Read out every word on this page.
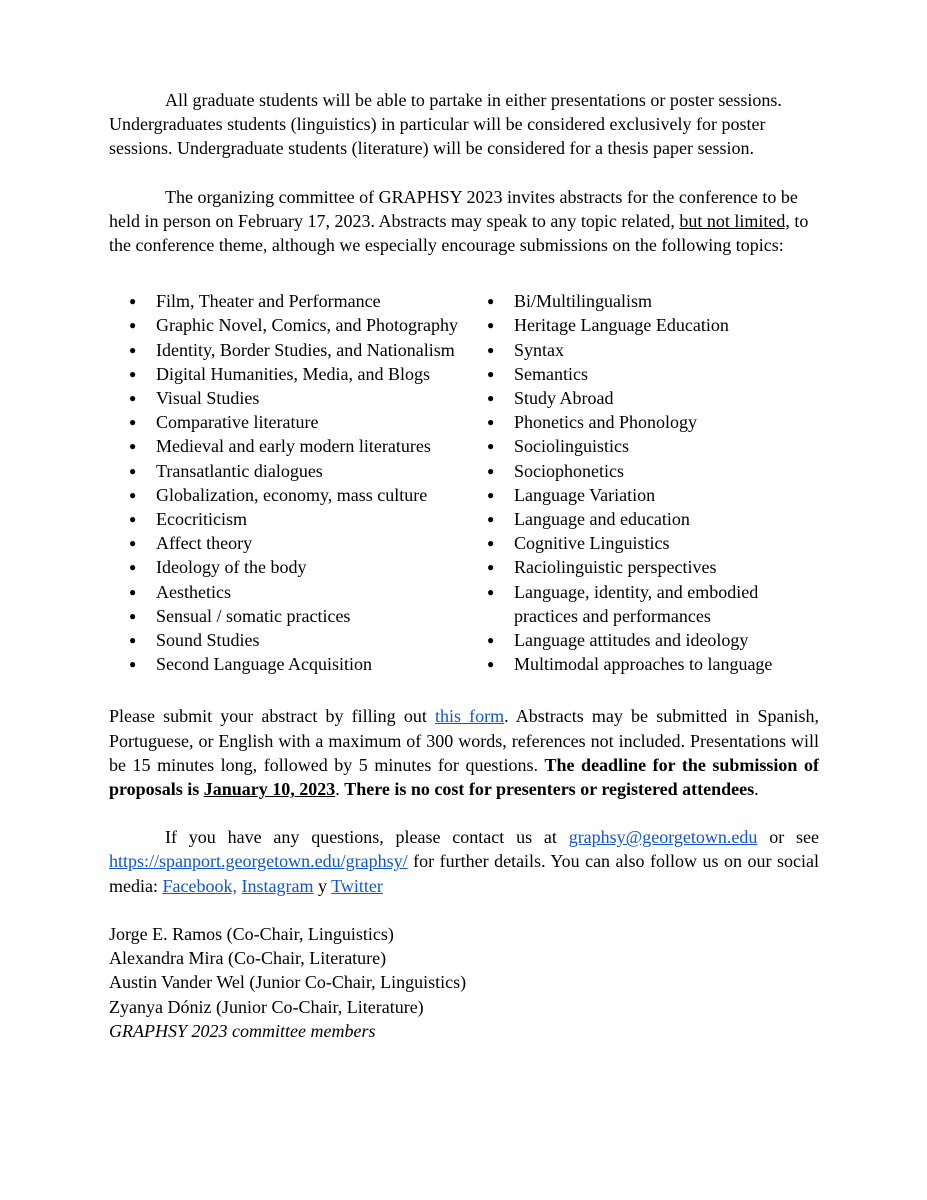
All graduate students will be able to partake in either presentations or poster sessions. Undergraduates students (linguistics) in particular will be considered exclusively for poster sessions. Undergraduate students (literature) will be considered for a thesis paper session.

The organizing committee of GRAPHSY 2023 invites abstracts for the conference to be held in person on February 17, 2023. Abstracts may speak to any topic related, but not limited, to the conference theme, although we especially encourage submissions on the following topics:

● Film, Theater and Performance
● Graphic Novel, Comics, and Photography
● Identity, Border Studies, and Nationalism
● Digital Humanities, Media, and Blogs
● Visual Studies
● Comparative literature
● Medieval and early modern literatures
● Transatlantic dialogues
● Globalization, economy, mass culture
● Ecocriticism
● Affect theory
● Ideology of the body
● Aesthetics
● Sensual / somatic practices
● Sound Studies
● Second Language Acquisition
● Bi/Multilingualism
● Heritage Language Education
● Syntax
● Semantics
● Study Abroad
● Phonetics and Phonology
● Sociolinguistics
● Sociophonetics
● Language Variation
● Language and education
● Cognitive Linguistics
● Raciolinguistic perspectives
● Language, identity, and embodied practices and performances
● Language attitudes and ideology
● Multimodal approaches to language

Please submit your abstract by filling out this form. Abstracts may be submitted in Spanish, Portuguese, or English with a maximum of 300 words, references not included. Presentations will be 15 minutes long, followed by 5 minutes for questions. The deadline for the submission of proposals is January 10, 2023. There is no cost for presenters or registered attendees.

If you have any questions, please contact us at graphsy@georgetown.edu or see https://spanport.georgetown.edu/graphsy/ for further details. You can also follow us on our social media: Facebook, Instagram y Twitter

Jorge E. Ramos (Co-Chair, Linguistics)

Alexandra Mira (Co-Chair, Literature)

Austin Vander Wel (Junior Co-Chair, Linguistics)

Zyanya Dóniz (Junior Co-Chair, Literature)

GRAPHSY 2023 committee members
